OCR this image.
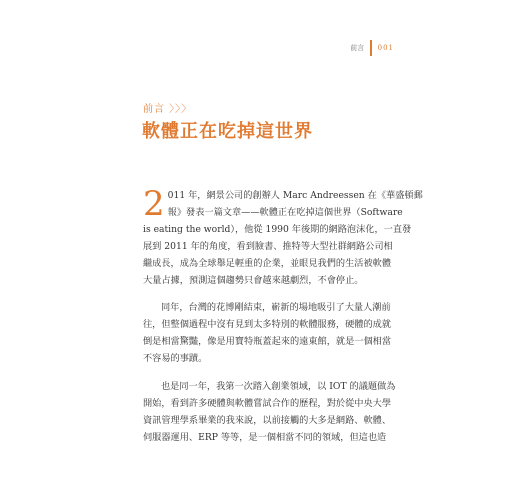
前言 001
前言 〉〉〉
軟體正在吃掉這世界
2 011 年，網景公司的創辦人 Marc Andreessen 在《華盛頓郵

報》發表一篇文章——軟體正在吃掉這個世界（Software

is eating the world），他從 1990 年後期的網路泡沫化，一直發

展到 2011 年的角度，看到臉書、推特等大型社群網路公司相

繼成長，成為全球舉足輕重的企業，並眼見我們的生活被軟體

大量占據，預測這個趨勢只會越來越劇烈，不會停止。

同年，台灣的花博剛結束，嶄新的場地吸引了大量人潮前

往，但整個過程中沒有見到太多特別的軟體服務，硬體的成就

倒是相當驚豔，像是用寶特瓶蓋起來的遠東館，就是一個相當

不容易的事蹟。

也是同一年，我第一次踏入創業領域，以 IOT 的議題做為

開始，看到許多硬體與軟體嘗試合作的歷程，對於從中央大學

資訊管理學系畢業的我來說，以前接觸的大多是網路、軟體、

伺服器運用、ERP 等等，是一個相當不同的領域，但這也造
